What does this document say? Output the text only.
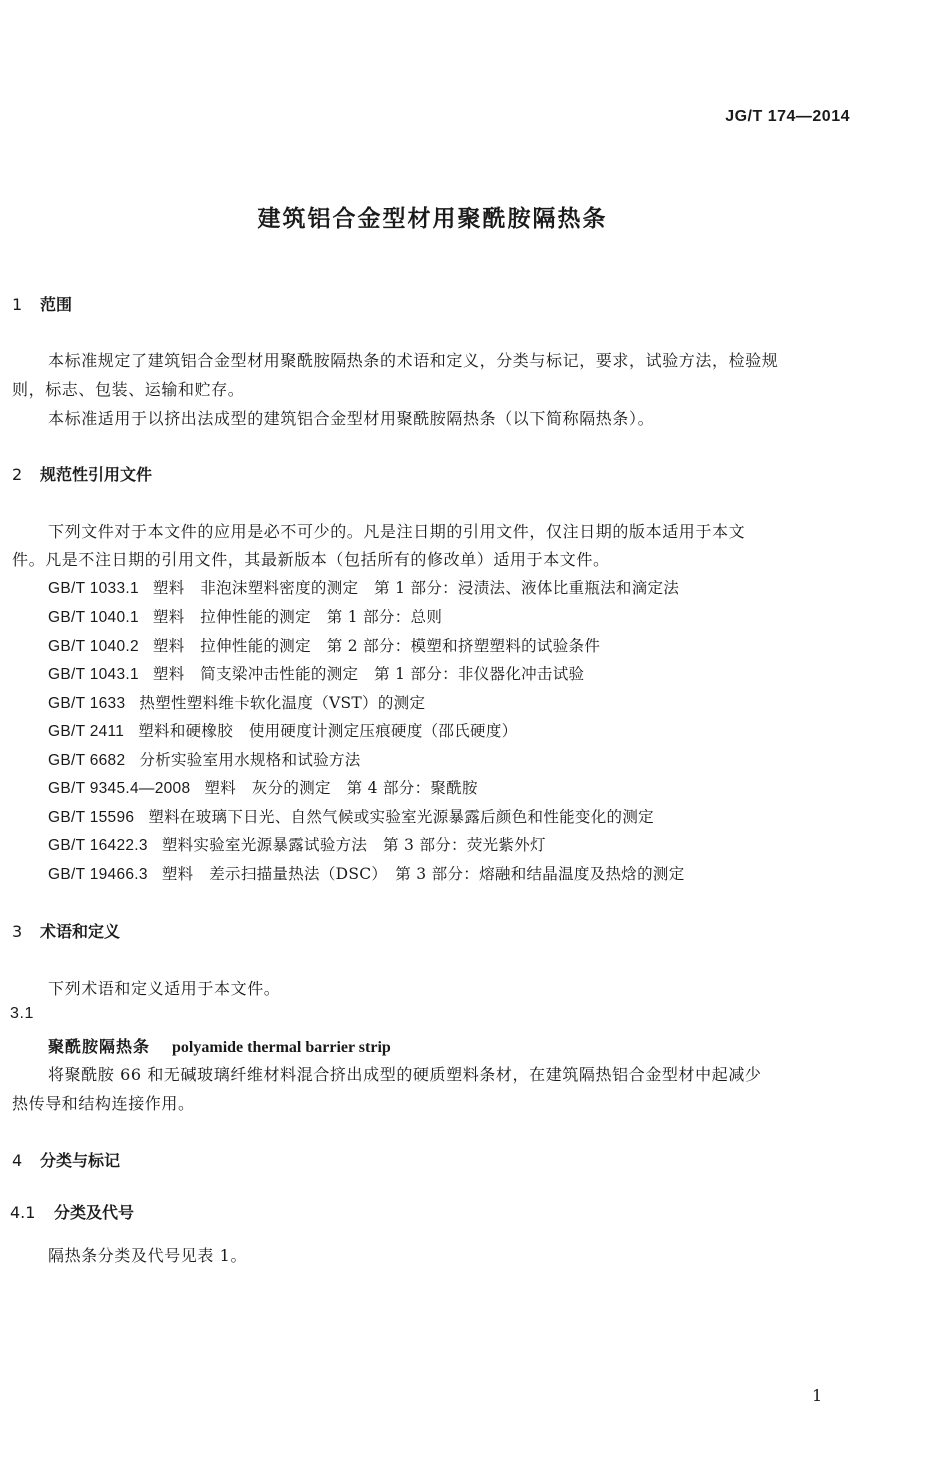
JG/T 174—2014
建筑铝合金型材用聚酰胺隔热条
1 范围
本标准规定了建筑铝合金型材用聚酰胺隔热条的术语和定义，分类与标记，要求，试验方法，检验规
则，标志、包装、运输和贮存。
本标准适用于以挤出法成型的建筑铝合金型材用聚酰胺隔热条（以下简称隔热条）。
2 规范性引用文件
下列文件对于本文件的应用是必不可少的。凡是注日期的引用文件，仅注日期的版本适用于本文
件。凡是不注日期的引用文件，其最新版本（包括所有的修改单）适用于本文件。
GB/T 1033.1 塑料　非泡沫塑料密度的测定　第 1 部分：浸渍法、液体比重瓶法和滴定法
GB/T 1040.1 塑料　拉伸性能的测定　第 1 部分：总则
GB/T 1040.2 塑料　拉伸性能的测定　第 2 部分：模塑和挤塑塑料的试验条件
GB/T 1043.1 塑料　简支梁冲击性能的测定　第 1 部分：非仪器化冲击试验
GB/T 1633 热塑性塑料维卡软化温度（VST）的测定
GB/T 2411 塑料和硬橡胶　使用硬度计测定压痕硬度（邵氏硬度）
GB/T 6682 分析实验室用水规格和试验方法
GB/T 9345.4—2008 塑料　灰分的测定　第 4 部分：聚酰胺
GB/T 15596 塑料在玻璃下日光、自然气候或实验室光源暴露后颜色和性能变化的测定
GB/T 16422.3 塑料实验室光源暴露试验方法　第 3 部分：荧光紫外灯
GB/T 19466.3 塑料　差示扫描量热法（DSC）　第 3 部分：熔融和结晶温度及热焓的测定
3 术语和定义
下列术语和定义适用于本文件。
3.1
聚酰胺隔热条 polyamide thermal barrier strip
将聚酰胺 66 和无碱玻璃纤维材料混合挤出成型的硬质塑料条材，在建筑隔热铝合金型材中起减少
热传导和结构连接作用。
4 分类与标记
4.1 分类及代号
隔热条分类及代号见表 1。
1
